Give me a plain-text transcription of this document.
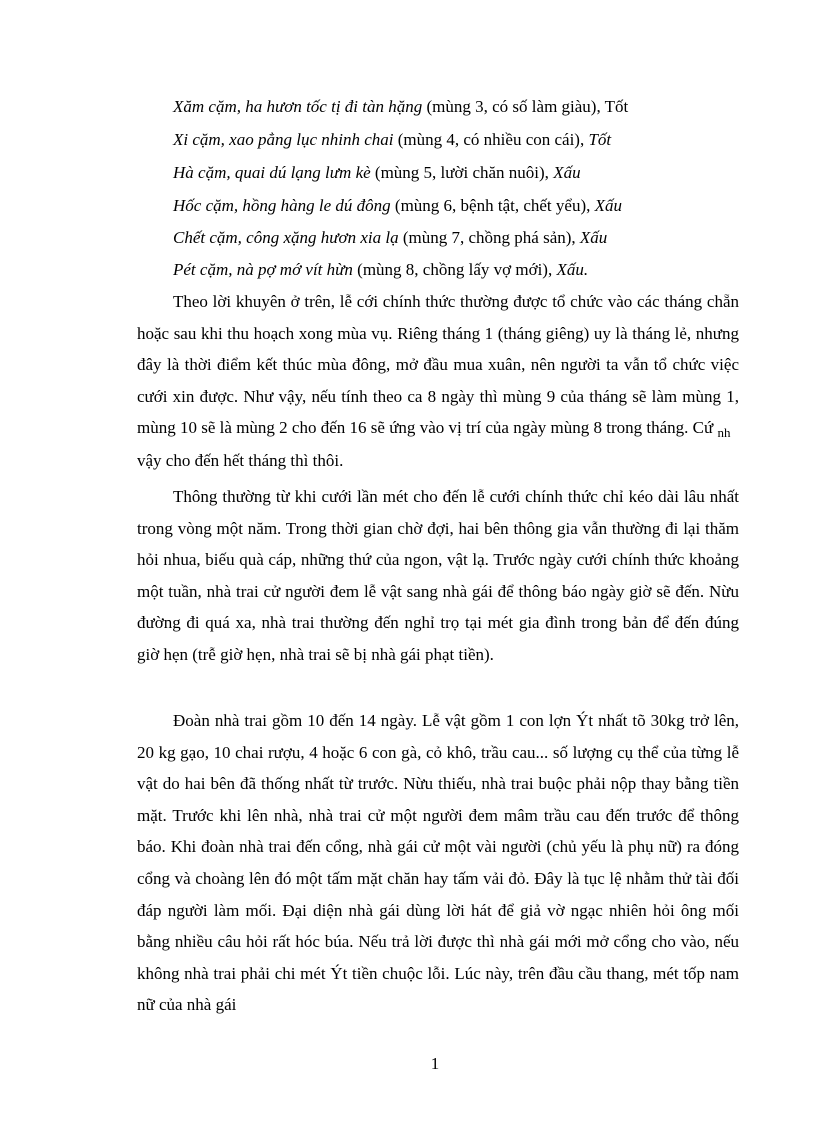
Xăm cặm, ha hươn tốc tị đi tàn hặng (mùng 3, có số làm giàu), Tốt
Xi cặm, xao pẳng lục nhinh chai (mùng 4, có nhiều con cái), Tốt
Hà cặm, quai dú lạng lưm kè (mùng 5, lười chăn nuôi), Xấu
Hốc cặm, hồng hàng le dú đông (mùng 6, bệnh tật, chết yểu), Xấu
Chết cặm, công xặng hươn xia lạ (mùng 7, chồng phá sản), Xấu
Pét cặm, nà pợ mớ vít hừn (mùng 8, chồng lấy vợ mới), Xấu.

Theo lời khuyên ở trên, lễ cới chính thức thường được tổ chức vào các tháng chẵn hoặc sau khi thu hoạch xong mùa vụ. Riêng tháng 1 (tháng giêng) uy là tháng lẻ, nhưng đây là thời điểm kết thúc mùa đông, mở đầu mua xuân, nên người ta vẫn tổ chức việc cưới xin được. Như vậy, nếu tính theo ca 8 ngày thì mùng 9 của tháng sẽ làm mùng 1, mùng 10 sẽ là mùng 2 cho đến 16 sẽ ứng vào vị trí của ngày mùng 8 trong tháng. Cứ $_{nh}$   vậy cho đến hết tháng thì thôi.

Thông thường từ khi cưới lần mét cho đến lễ cưới chính thức chỉ kéo dài lâu nhất trong vòng một năm. Trong thời gian chờ đợi, hai bên thông gia vẫn thường đi lại thăm hỏi nhua, biếu quà cáp, những thứ của ngon, vật lạ. Trước ngày cưới chính thức khoảng một tuần, nhà trai cử người đem lễ vật sang nhà gái để thông báo ngày giờ sẽ đến. Nừu đường đi quá xa, nhà trai thường đến nghỉ trọ tại mét gia đình trong bản để đến đúng giờ hẹn (trễ giờ hẹn, nhà trai sẽ bị nhà gái phạt tiền).

Đoàn nhà trai gồm 10 đến 14 ngày. Lễ vật gồm 1 con lợn Ýt nhất tõ 30kg trở lên, 20 kg gạo, 10 chai rượu, 4 hoặc 6 con gà, cỏ khô, trầu cau... số lượng cụ thể của từng lễ vật do hai bên đã thống nhất từ trước. Nừu thiếu, nhà trai buộc phải nộp thay bằng tiền mặt. Trước khi lên nhà, nhà trai cử một người đem mâm trầu cau đến trước để thông báo. Khi đoàn nhà trai đến cổng, nhà gái cử một vài người (chủ yếu là phụ nữ) ra đóng cổng và choàng lên đó một tấm mặt chăn hay tấm vải đỏ. Đây là tục lệ nhằm thử tài đối đáp người làm mối. Đại diện nhà gái dùng lời hát để giả vờ ngạc nhiên hỏi ông mối bằng nhiều câu hỏi rất hóc búa. Nếu trả lời được thì nhà gái mới mở cổng cho vào, nếu không nhà trai phải chi mét Ýt tiền chuộc lỗi. Lúc này, trên đầu cầu thang, mét tốp nam nữ của nhà gái

1
